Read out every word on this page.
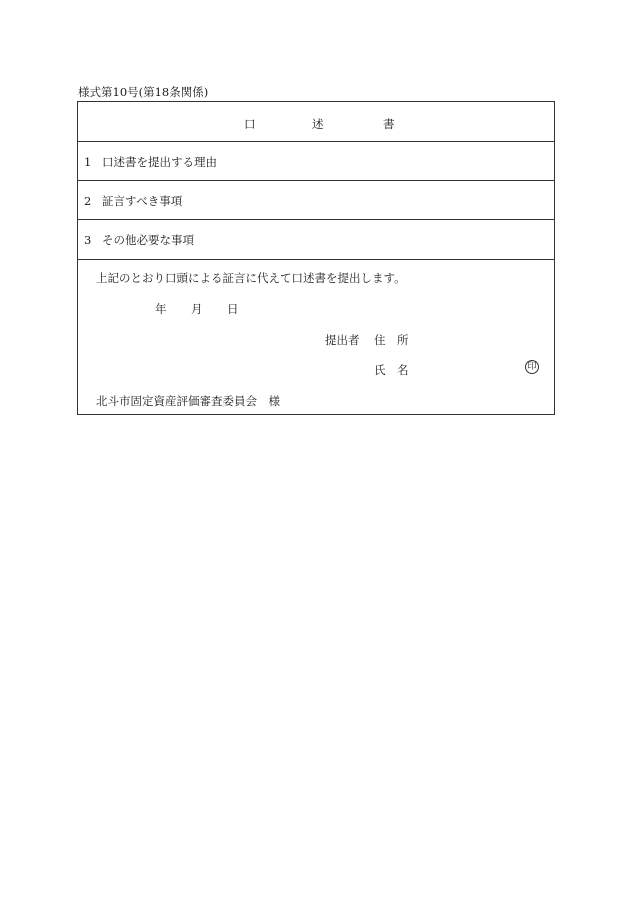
様式第10号(第18条関係)
口	述	書
1 口述書を提出する理由
2 証言すべき事項
3 その他必要な事項
上記のとおり口頭による証言に代えて口述書を提出します。
年 月 日
提出者 住　所
氏　名	印
北斗市固定資産評価審査委員会　様
